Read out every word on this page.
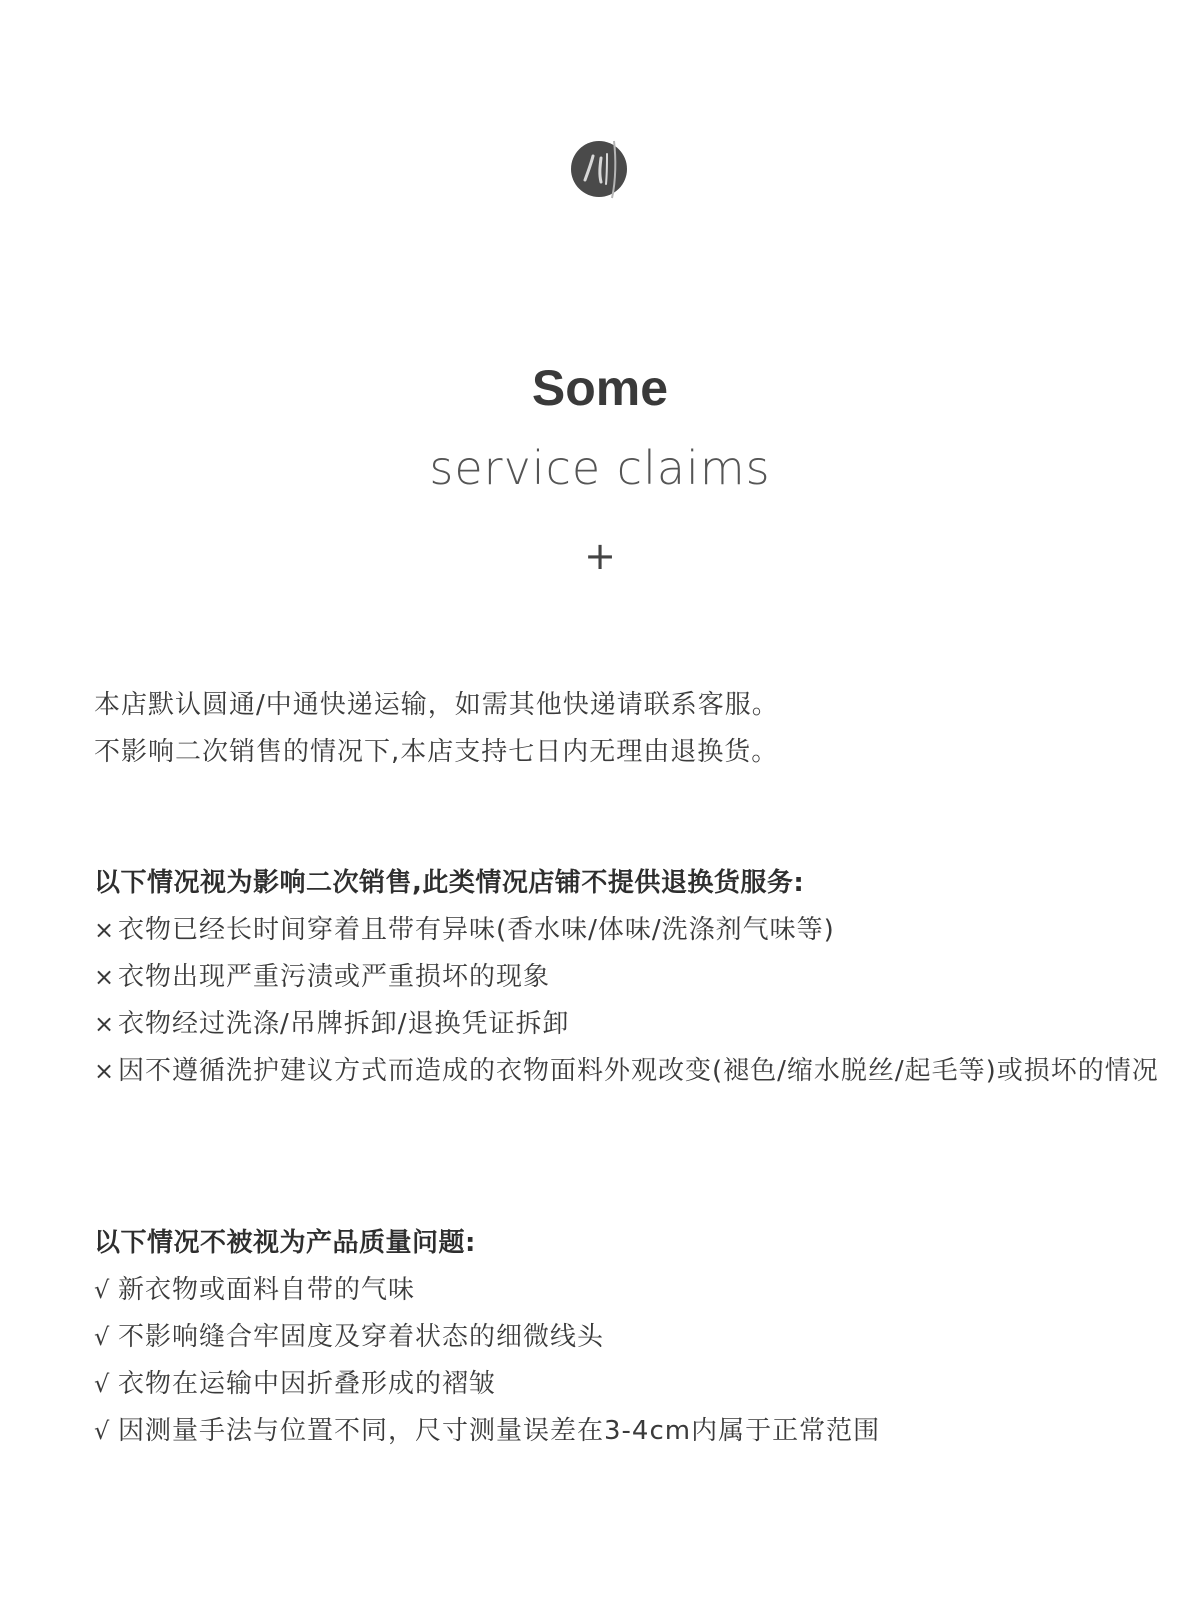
Some
service claims
+
本店默认圆通/中通快递运输，如需其他快递请联系客服。
不影响二次销售的情况下,本店支持七日内无理由退换货。
以下情况视为影响二次销售,此类情况店铺不提供退换货服务:
× 衣物已经长时间穿着且带有异味(香水味/体味/洗涤剂气味等)
× 衣物出现严重污渍或严重损坏的现象
× 衣物经过洗涤/吊牌拆卸/退换凭证拆卸
× 因不遵循洗护建议方式而造成的衣物面料外观改变(褪色/缩水脱丝/起毛等)或损坏的情况
以下情况不被视为产品质量问题:
√ 新衣物或面料自带的气味
√ 不影响缝合牢固度及穿着状态的细微线头
√ 衣物在运输中因折叠形成的褶皱
√ 因测量手法与位置不同，尺寸测量误差在3-4cm内属于正常范围
